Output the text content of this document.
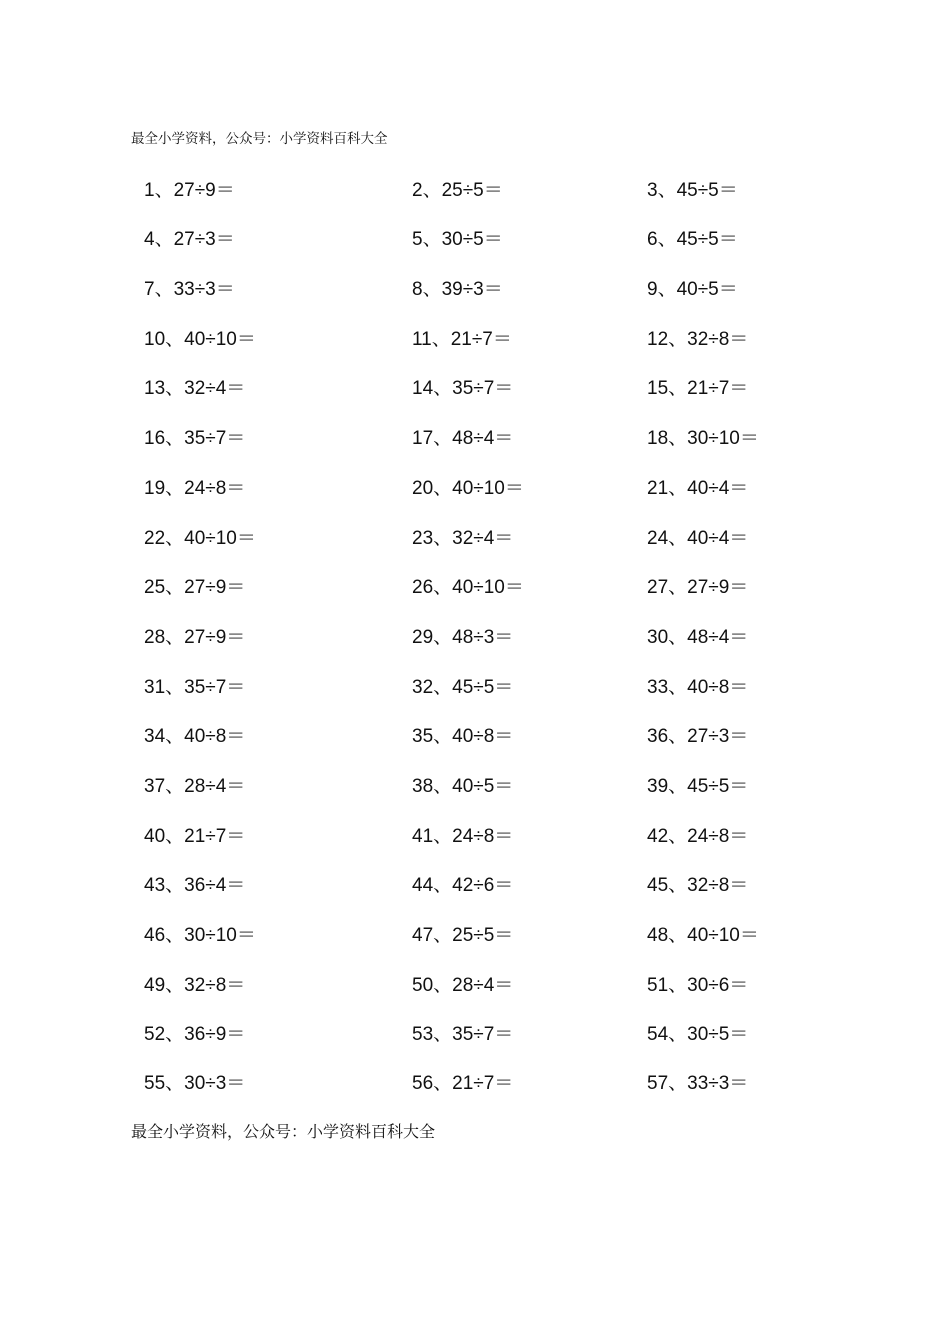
最全小学资料，公众号：小学资料百科大全
1、27÷9＝	2、25÷5＝	3、45÷5＝
4、27÷3＝	5、30÷5＝	6、45÷5＝
7、33÷3＝	8、39÷3＝	9、40÷5＝
10、40÷10＝	11、21÷7＝	12、32÷8＝
13、32÷4＝	14、35÷7＝	15、21÷7＝
16、35÷7＝	17、48÷4＝	18、30÷10＝
19、24÷8＝	20、40÷10＝	21、40÷4＝
22、40÷10＝	23、32÷4＝	24、40÷4＝
25、27÷9＝	26、40÷10＝	27、27÷9＝
28、27÷9＝	29、48÷3＝	30、48÷4＝
31、35÷7＝	32、45÷5＝	33、40÷8＝
34、40÷8＝	35、40÷8＝	36、27÷3＝
37、28÷4＝	38、40÷5＝	39、45÷5＝
40、21÷7＝	41、24÷8＝	42、24÷8＝
43、36÷4＝	44、42÷6＝	45、32÷8＝
46、30÷10＝	47、25÷5＝	48、40÷10＝
49、32÷8＝	50、28÷4＝	51、30÷6＝
52、36÷9＝	53、35÷7＝	54、30÷5＝
55、30÷3＝	56、21÷7＝	57、33÷3＝
最全小学资料，公众号：小学资料百科大全
